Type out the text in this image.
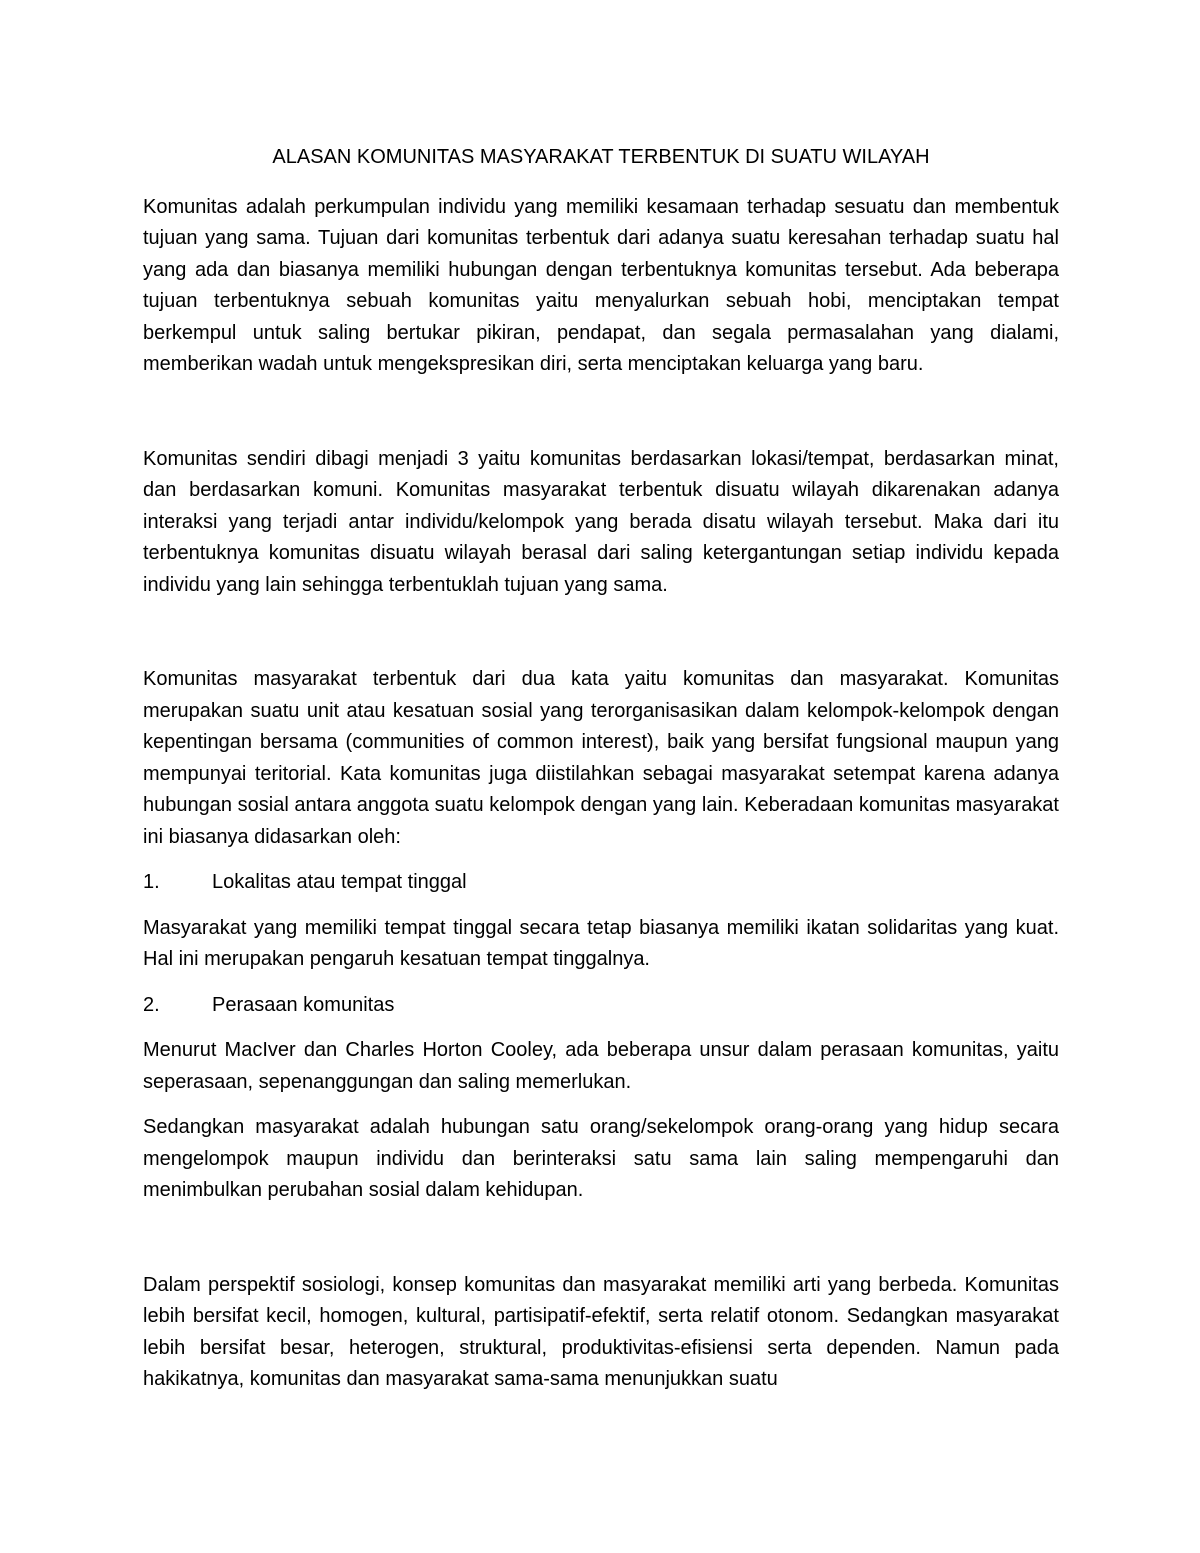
ALASAN KOMUNITAS MASYARAKAT TERBENTUK DI SUATU WILAYAH

Komunitas adalah perkumpulan individu yang memiliki kesamaan terhadap sesuatu dan membentuk tujuan yang sama. Tujuan dari komunitas terbentuk dari adanya suatu keresahan terhadap suatu hal yang ada dan biasanya memiliki hubungan dengan terbentuknya komunitas tersebut. Ada beberapa tujuan terbentuknya sebuah komunitas yaitu menyalurkan sebuah hobi, menciptakan tempat berkempul untuk saling bertukar pikiran, pendapat, dan segala permasalahan yang dialami, memberikan wadah untuk mengekspresikan diri, serta menciptakan keluarga yang baru.

Komunitas sendiri dibagi menjadi 3 yaitu komunitas berdasarkan lokasi/tempat, berdasarkan minat, dan berdasarkan komuni. Komunitas masyarakat terbentuk disuatu wilayah dikarenakan adanya interaksi yang terjadi antar individu/kelompok yang berada disatu wilayah tersebut. Maka dari itu terbentuknya komunitas disuatu wilayah berasal dari saling ketergantungan setiap individu kepada individu yang lain sehingga terbentuklah tujuan yang sama.

Komunitas masyarakat terbentuk dari dua kata yaitu komunitas dan masyarakat. Komunitas merupakan suatu unit atau kesatuan sosial yang terorganisasikan dalam kelompok-kelompok dengan kepentingan bersama (communities of common interest), baik yang bersifat fungsional maupun yang mempunyai teritorial. Kata komunitas juga diistilahkan sebagai masyarakat setempat karena adanya hubungan sosial antara anggota suatu kelompok dengan yang lain. Keberadaan komunitas masyarakat ini biasanya didasarkan oleh:

1.	Lokalitas atau tempat tinggal

Masyarakat yang memiliki tempat tinggal secara tetap biasanya memiliki ikatan solidaritas yang kuat. Hal ini merupakan pengaruh kesatuan tempat tinggalnya.

2.	Perasaan komunitas

Menurut MacIver dan Charles Horton Cooley, ada beberapa unsur dalam perasaan komunitas, yaitu seperasaan, sepenanggungan dan saling memerlukan.

Sedangkan masyarakat adalah hubungan satu orang/sekelompok orang-orang yang hidup secara mengelompok maupun individu dan berinteraksi satu sama lain saling mempengaruhi dan menimbulkan perubahan sosial dalam kehidupan.

Dalam perspektif sosiologi, konsep komunitas dan masyarakat memiliki arti yang berbeda. Komunitas lebih bersifat kecil, homogen, kultural, partisipatif-efektif, serta relatif otonom. Sedangkan masyarakat lebih bersifat besar, heterogen, struktural, produktivitas-efisiensi serta dependen. Namun pada hakikatnya, komunitas dan masyarakat sama-sama menunjukkan suatu
